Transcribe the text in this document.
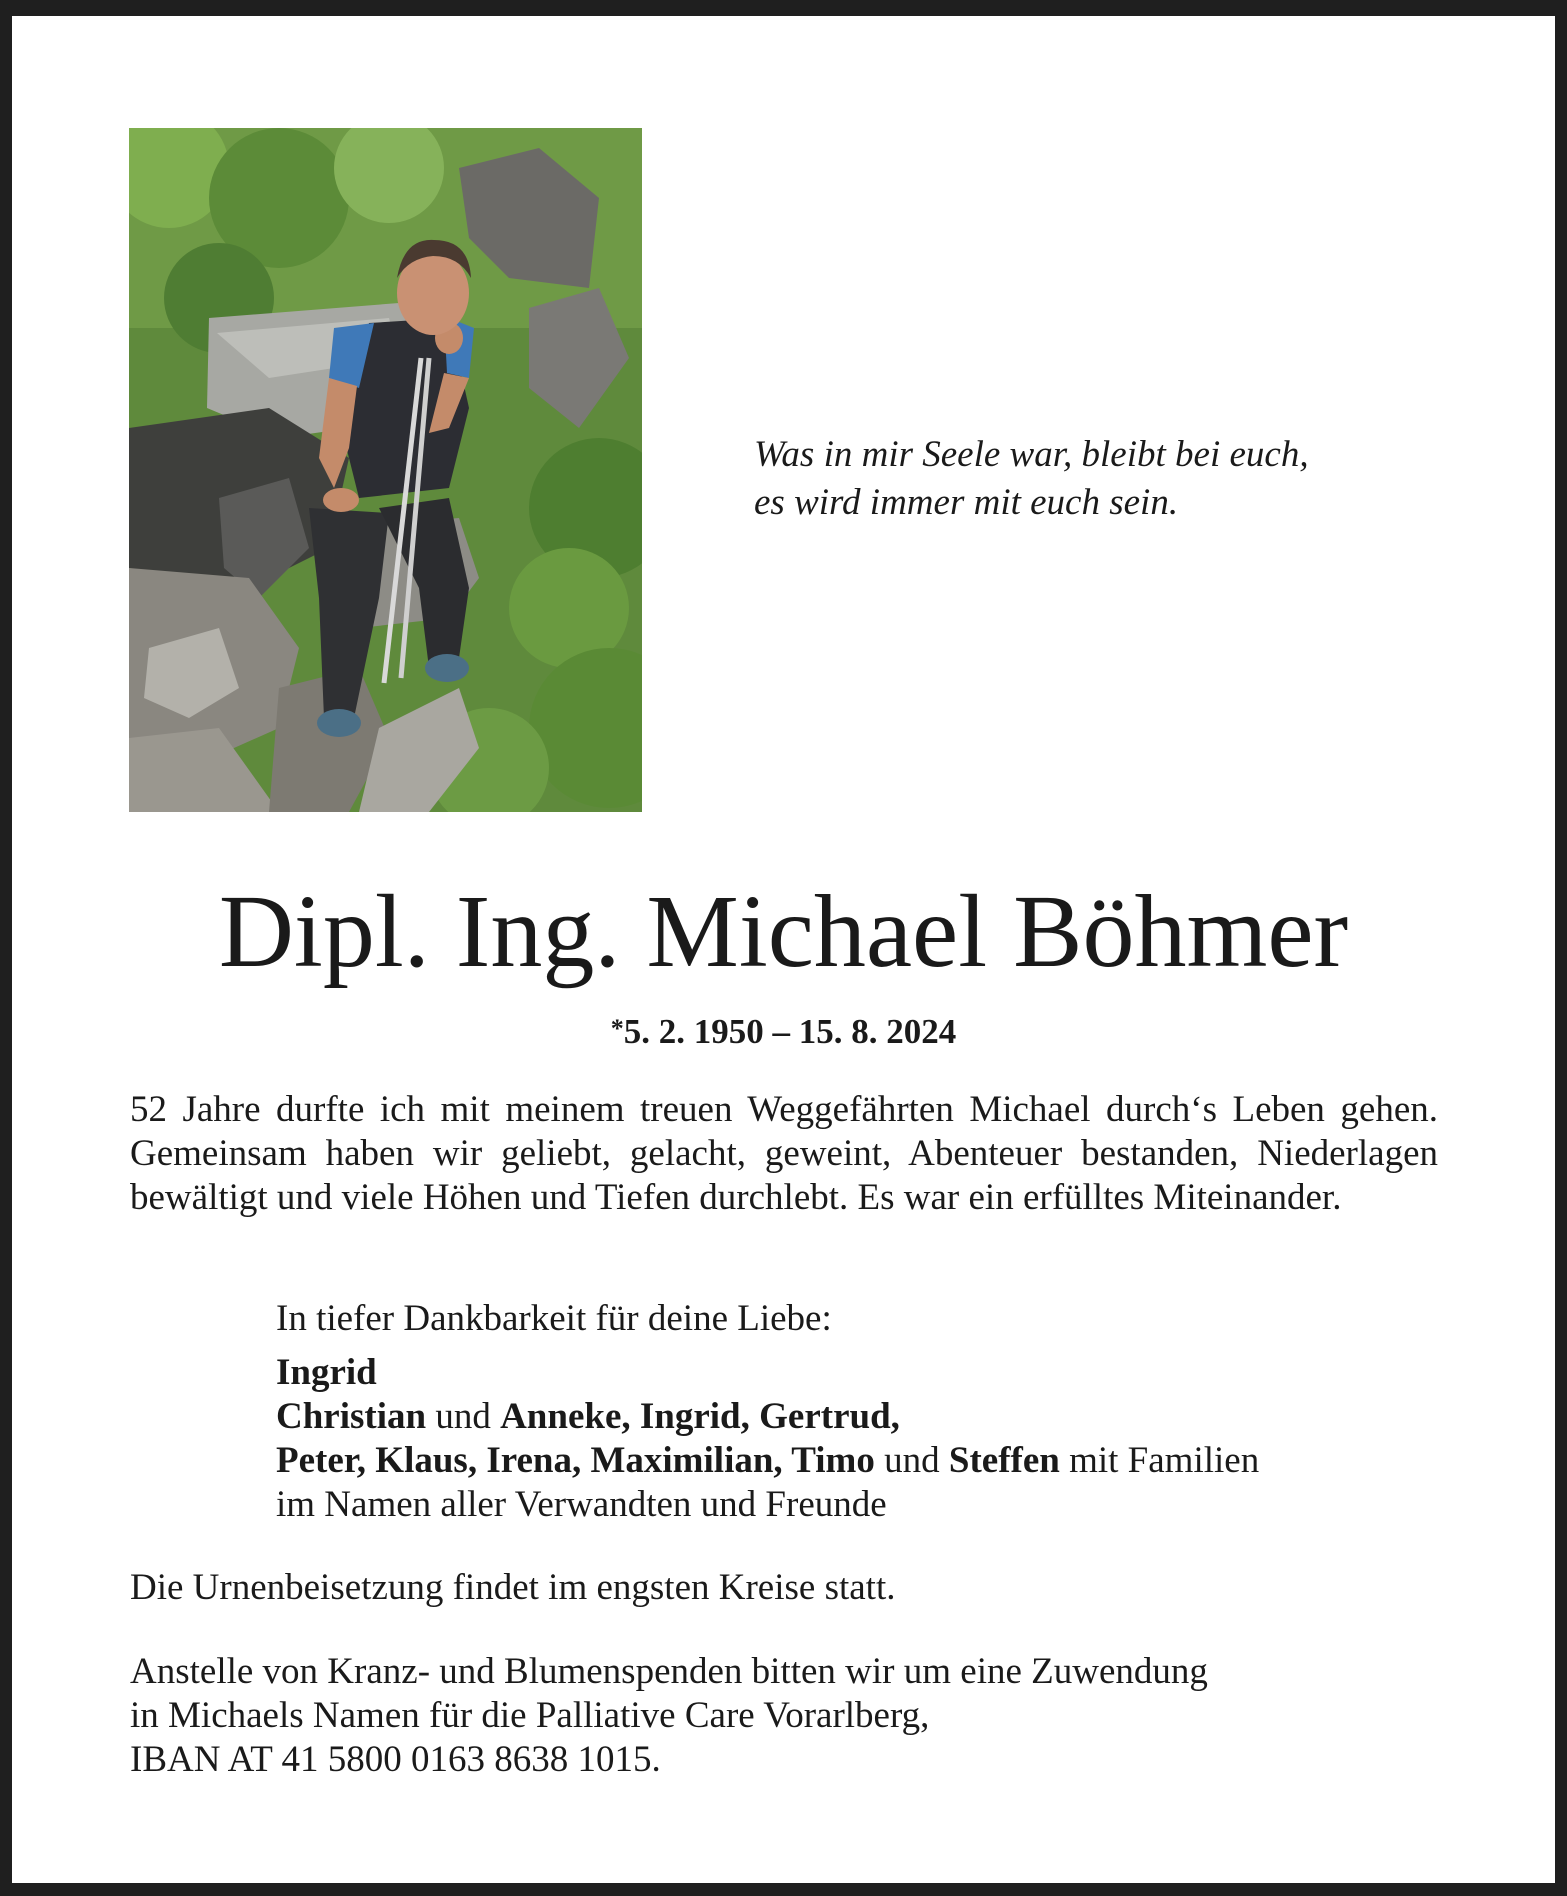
Was in mir Seele war, bleibt bei euch,
es wird immer mit euch sein.
Dipl. Ing. Michael Böhmer
*5. 2. 1950 – 15. 8. 2024
52 Jahre durfte ich mit meinem treuen Weggefährten Michael durch‘s Leben gehen. Gemeinsam haben wir geliebt, gelacht, geweint, Abenteuer bestanden, Niederlagen bewältigt und viele Höhen und Tiefen durchlebt. Es war ein erfülltes Miteinander.
In tiefer Dankbarkeit für deine Liebe:
Ingrid
Christian und Anneke, Ingrid, Gertrud,
Peter, Klaus, Irena, Maximilian, Timo und Steffen mit Familien
im Namen aller Verwandten und Freunde
Die Urnenbeisetzung findet im engsten Kreise statt.
Anstelle von Kranz- und Blumenspenden bitten wir um eine Zuwendung
in Michaels Namen für die Palliative Care Vorarlberg,
IBAN AT 41 5800 0163 8638 1015.
